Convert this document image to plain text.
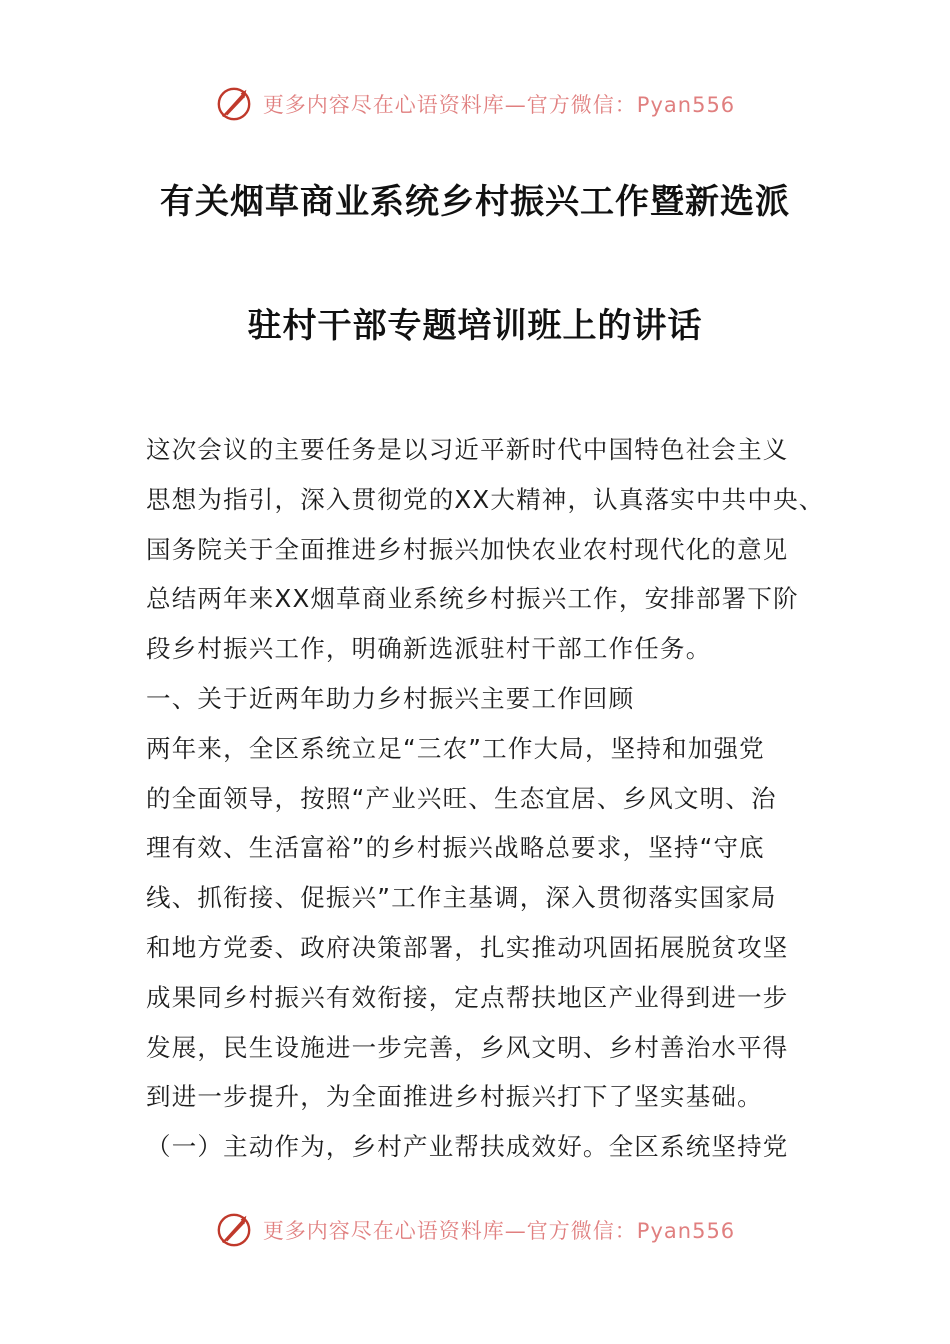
更多内容尽在心语资料库—官方微信：Pyan556
有关烟草商业系统乡村振兴工作暨新选派
驻村干部专题培训班上的讲话
这次会议的主要任务是以习近平新时代中国特色社会主义
思想为指引，深入贯彻党的XX大精神，认真落实中共中央、
国务院关于全面推进乡村振兴加快农业农村现代化的意见
总结两年来XX烟草商业系统乡村振兴工作，安排部署下阶
段乡村振兴工作，明确新选派驻村干部工作任务。
一、关于近两年助力乡村振兴主要工作回顾
两年来，全区系统立足“三农”工作大局，坚持和加强党
的全面领导，按照“产业兴旺、生态宜居、乡风文明、治
理有效、生活富裕”的乡村振兴战略总要求，坚持“守底
线、抓衔接、促振兴”工作主基调，深入贯彻落实国家局
和地方党委、政府决策部署，扎实推动巩固拓展脱贫攻坚
成果同乡村振兴有效衔接，定点帮扶地区产业得到进一步
发展，民生设施进一步完善，乡风文明、乡村善治水平得
到进一步提升，为全面推进乡村振兴打下了坚实基础。
（一）主动作为，乡村产业帮扶成效好。全区系统坚持党
更多内容尽在心语资料库—官方微信：Pyan556
